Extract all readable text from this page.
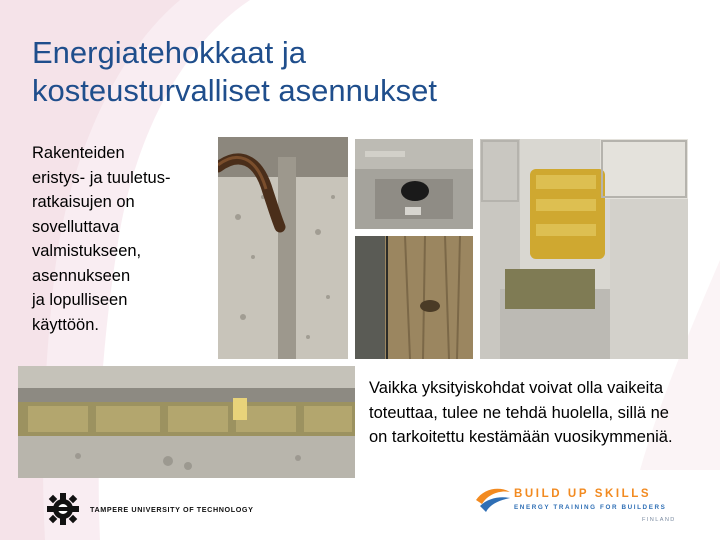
Energiatehokkaat ja
kosteusturvalliset asennukset
Rakenteiden
eristys- ja tuuletus-
ratkaisujen on
sovelluttava
valmistukseen,
asennukseen
ja lopulliseen
käyttöön.
Vaikka yksityiskohdat voivat olla vaikeita toteuttaa, tulee ne tehdä huolella, sillä ne on tarkoitettu kestämään vuosikymmeniä.
TAMPERE UNIVERSITY OF TECHNOLOGY
BUILD UP SKILLS
ENERGY TRAINING FOR BUILDERS
FINLAND
